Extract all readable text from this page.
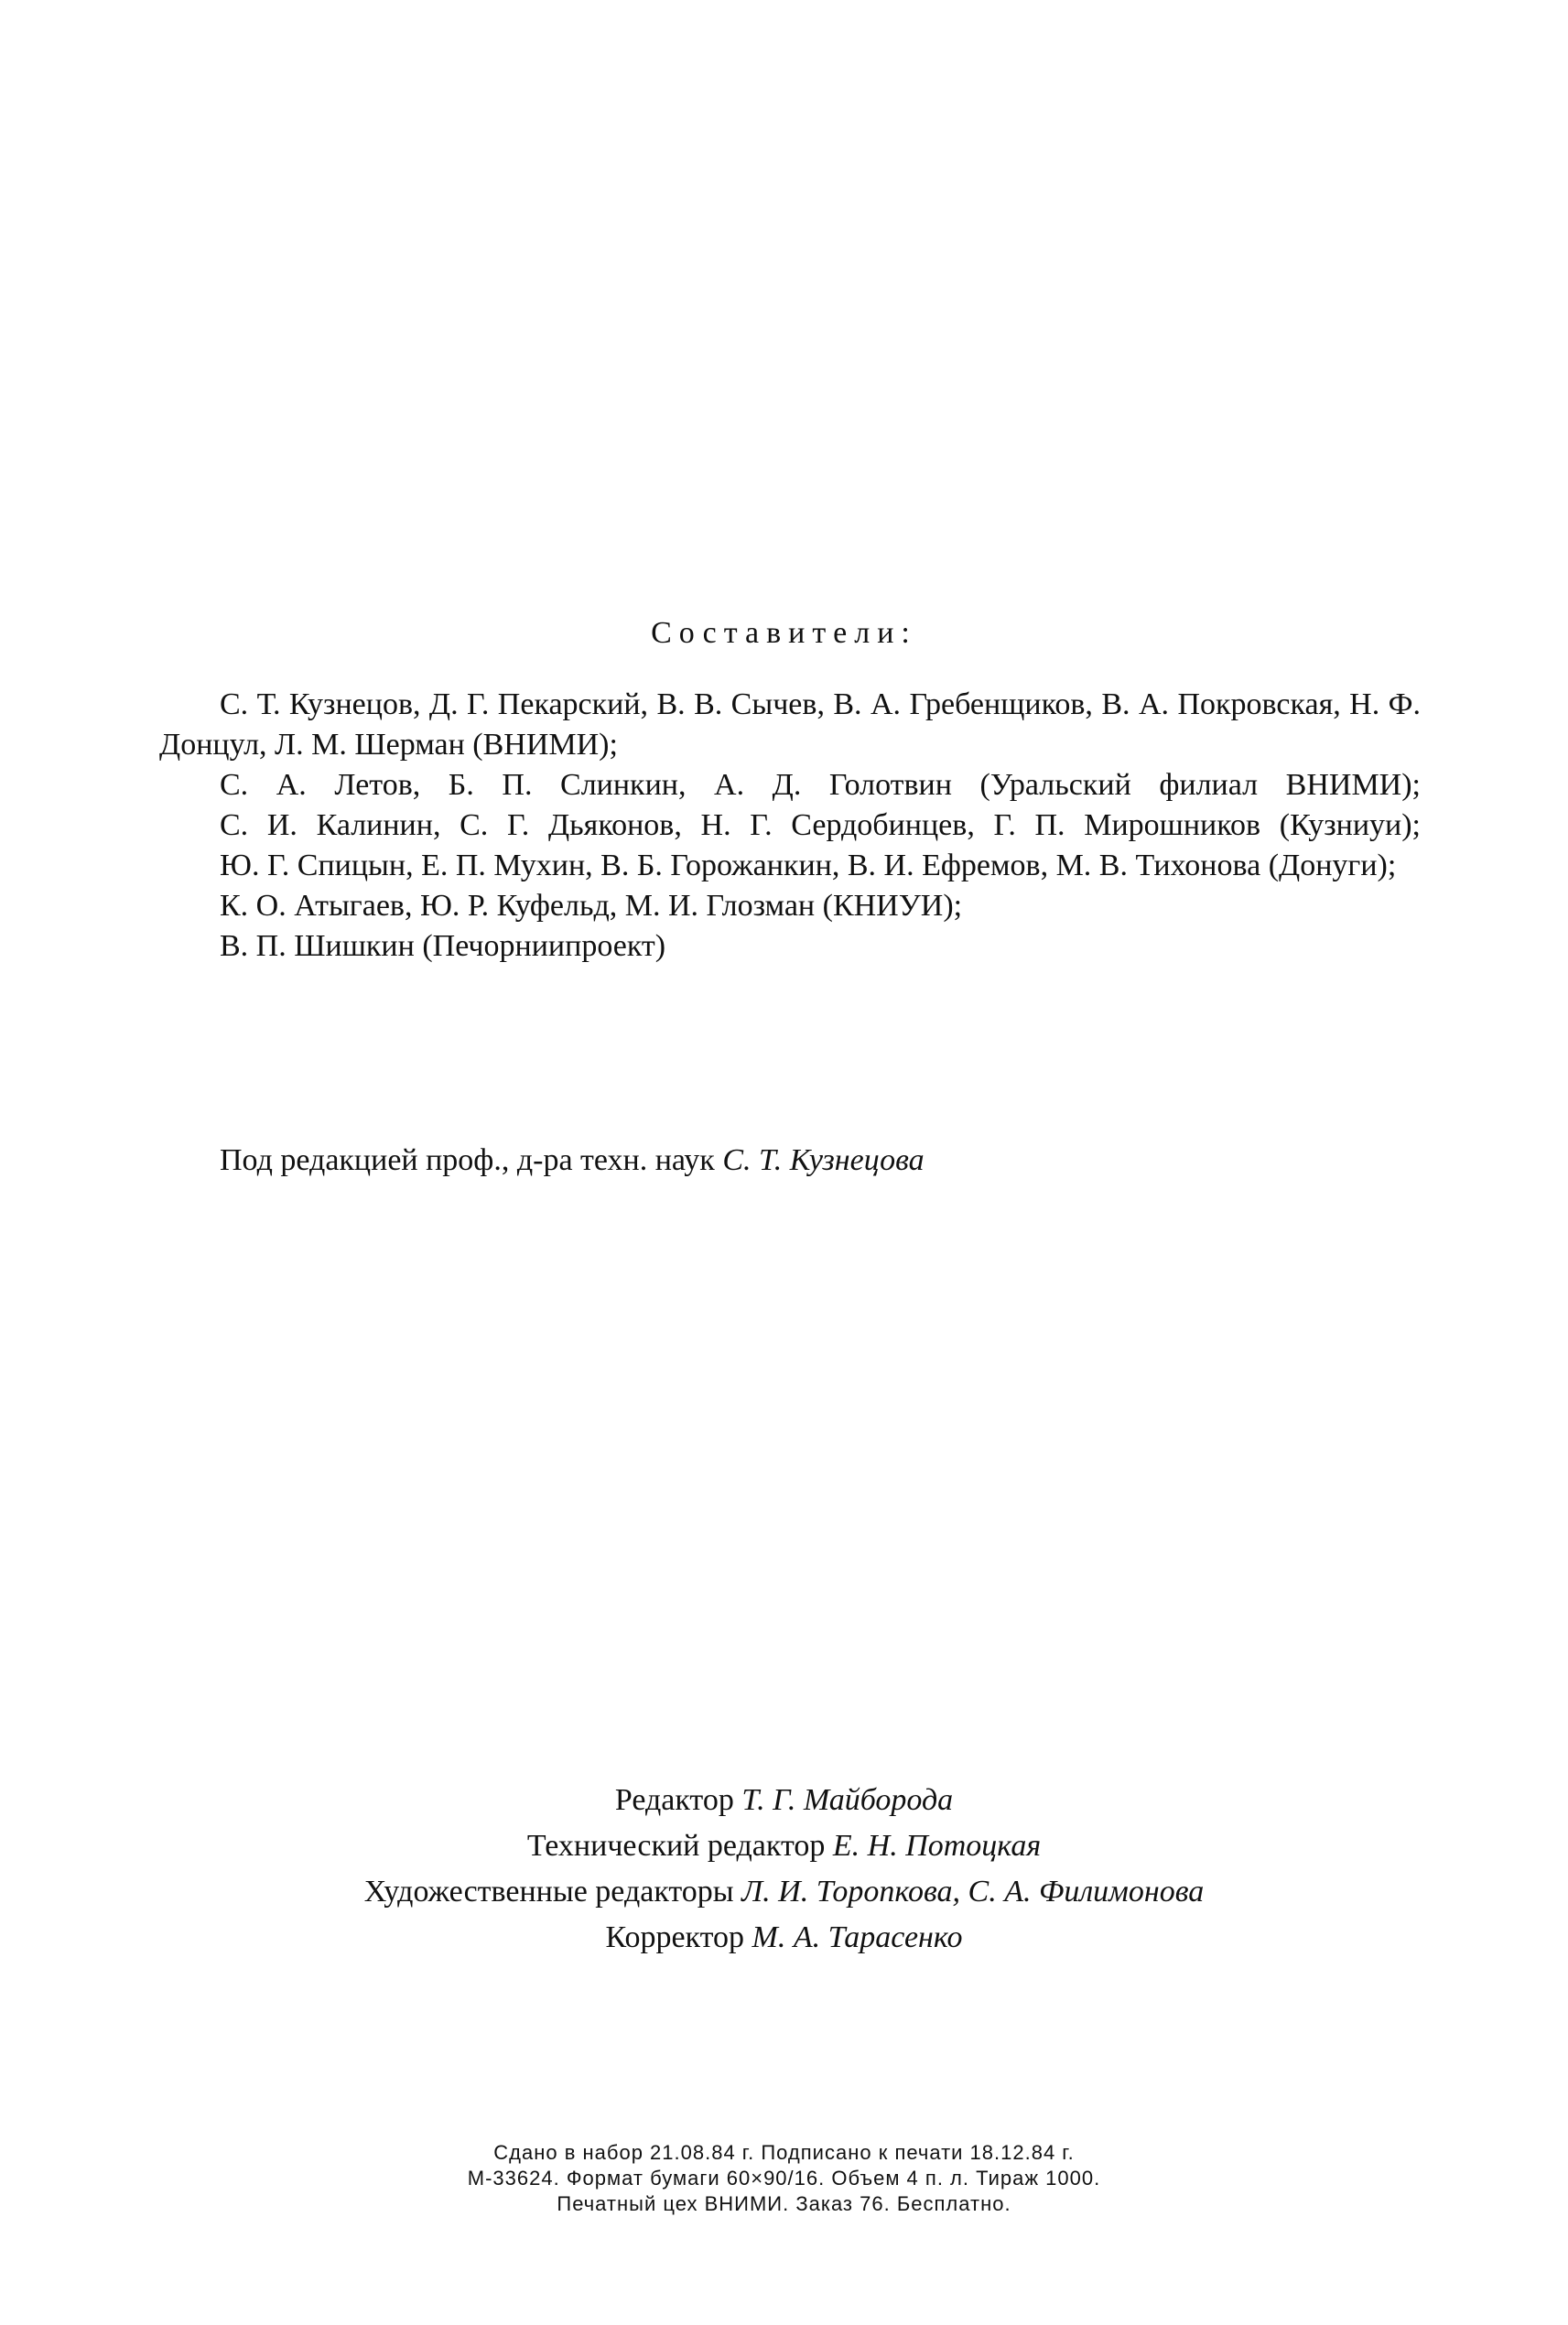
Составители:
С. Т. Кузнецов, Д. Г. Пекарский, В. В. Сычев, В. А. Гребенщиков, В. А. Покровская, Н. Ф. Донцул, Л. М. Шерман (ВНИМИ);
С. А. Летов, Б. П. Слинкин, А. Д. Голотвин (Уральский филиал ВНИМИ);
С. И. Калинин, С. Г. Дьяконов, Н. Г. Сердобинцев, Г. П. Мирошников (Кузниуи);
Ю. Г. Спицын, Е. П. Мухин, В. Б. Горожанкин, В. И. Ефремов, М. В. Тихонова (Донуги);
К. О. Атыгаев, Ю. Р. Куфельд, М. И. Глозман (КНИУИ);
В. П. Шишкин (Печорниипроект)
Под редакцией проф., д-ра техн. наук С. Т. Кузнецова
Редактор Т. Г. Майборода
Технический редактор Е. Н. Потоцкая
Художественные редакторы Л. И. Торопкова, С. А. Филимонова
Корректор М. А. Тарасенко
Сдано в набор 21.08.84 г. Подписано к печати 18.12.84 г.
М-33624. Формат бумаги 60×90/16. Объем 4 п. л. Тираж 1000.
Печатный цех ВНИМИ. Заказ 76. Бесплатно.
